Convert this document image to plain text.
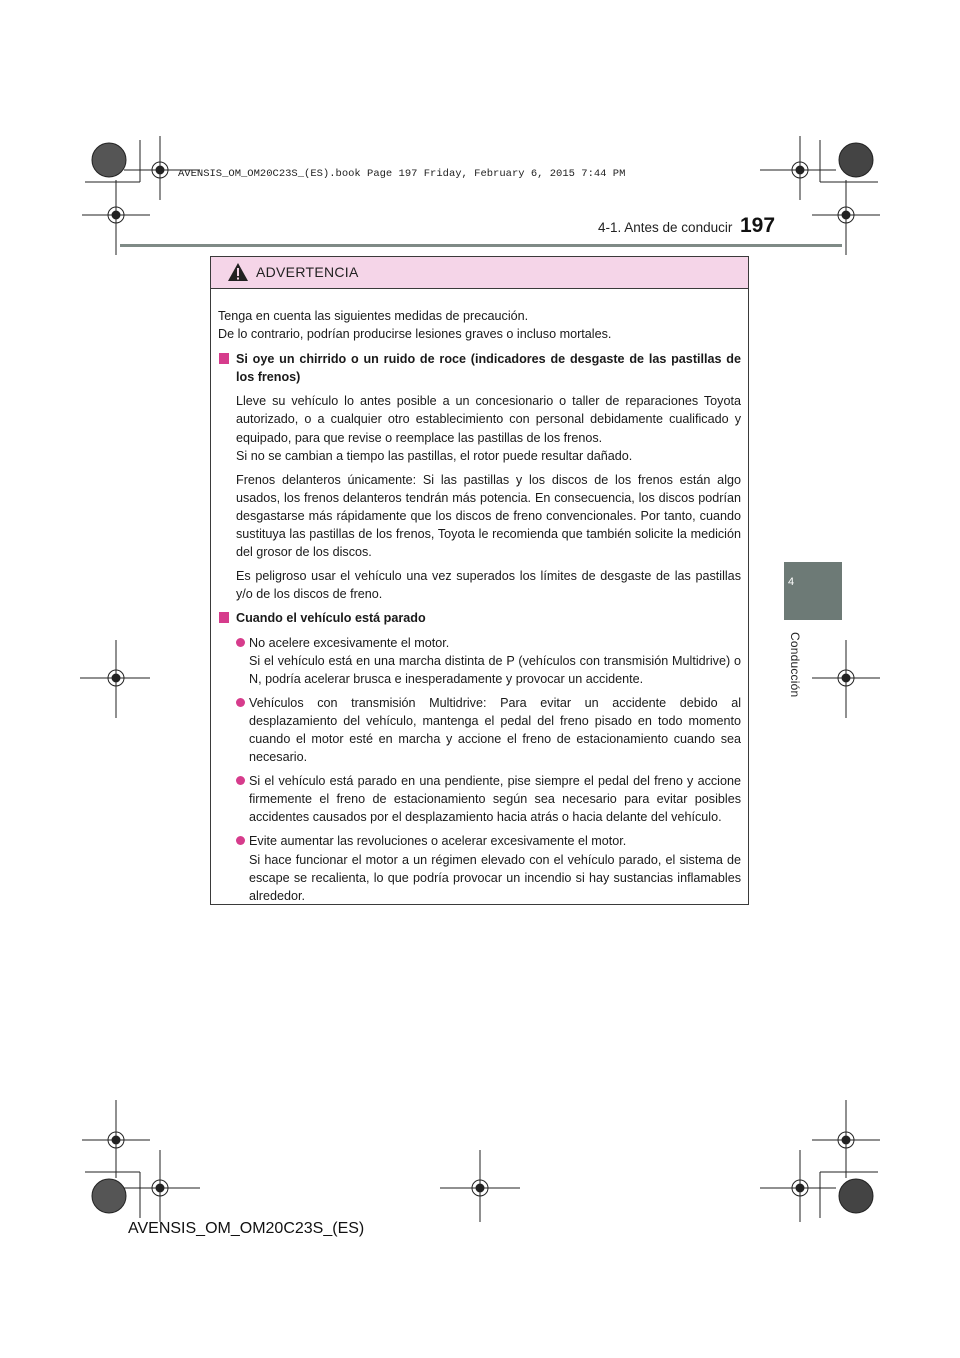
AVENSIS_OM_OM20C23S_(ES).book Page 197 Friday, February 6, 2015 7:44 PM
197
4-1. Antes de conducir
4
Conducción
ADVERTENCIA

Tenga en cuenta las siguientes medidas de precaución.
De lo contrario, podrían producirse lesiones graves o incluso mortales.

Si oye un chirrido o un ruido de roce (indicadores de desgaste de las pastillas de los frenos)

Lleve su vehículo lo antes posible a un concesionario o taller de reparaciones Toyota autorizado, o a cualquier otro establecimiento con personal debidamente cualificado y equipado, para que revise o reemplace las pastillas de los frenos.
Si no se cambian a tiempo las pastillas, el rotor puede resultar dañado.

Frenos delanteros únicamente: Si las pastillas y los discos de los frenos están algo usados, los frenos delanteros tendrán más potencia. En consecuencia, los discos podrían desgastarse más rápidamente que los discos de freno convencionales. Por tanto, cuando sustituya las pastillas de los frenos, Toyota le recomienda que también solicite la medición del grosor de los discos.

Es peligroso usar el vehículo una vez superados los límites de desgaste de las pastillas y/o de los discos de freno.

Cuando el vehículo está parado

No acelere excesivamente el motor.
Si el vehículo está en una marcha distinta de P (vehículos con transmisión Multidrive) o N, podría acelerar brusca e inesperadamente y provocar un accidente.

Vehículos con transmisión Multidrive: Para evitar un accidente debido al desplazamiento del vehículo, mantenga el pedal del freno pisado en todo momento cuando el motor esté en marcha y accione el freno de estacionamiento cuando sea necesario.

Si el vehículo está parado en una pendiente, pise siempre el pedal del freno y accione firmemente el freno de estacionamiento según sea necesario para evitar posibles accidentes causados por el desplazamiento hacia atrás o hacia delante del vehículo.

Evite aumentar las revoluciones o acelerar excesivamente el motor.
Si hace funcionar el motor a un régimen elevado con el vehículo parado, el sistema de escape se recalienta, lo que podría provocar un incendio si hay sustancias inflamables alrededor.

AVENSIS_OM_OM20C23S_(ES)
